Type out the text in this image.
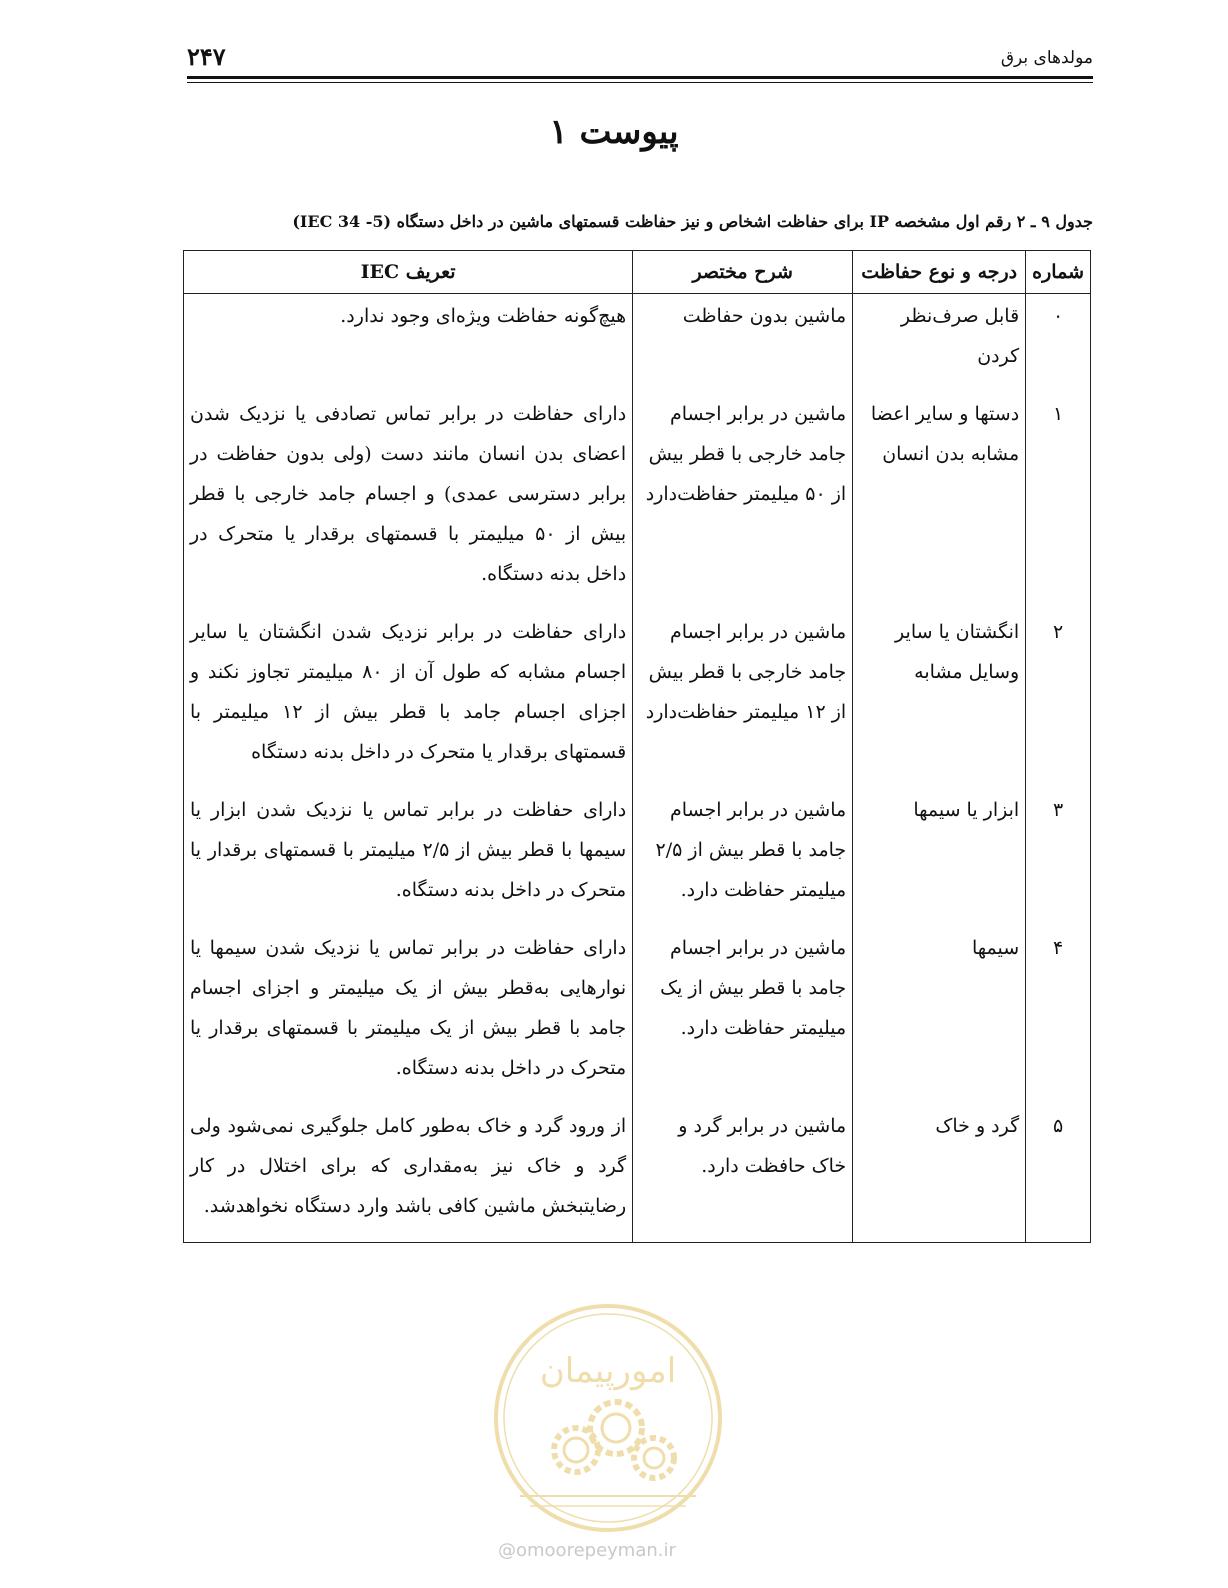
مولدهای برق
۲۴۷
پیوست ۱
جدول ۹ ـ ۲ رقم اول مشخصه IP برای حفاظت اشخاص و نیز حفاظت قسمتهای ماشین در داخل دستگاه (IEC 34 -5)
شماره	درجه و نوع حفاظت	شرح مختصر	تعریف IEC
۰	قابل صرف‌نظر کردن	ماشین بدون حفاظت	هیچ‌گونه حفاظت ویژه‌ای وجود ندارد.
۱	دستها و سایر اعضا مشابه بدن انسان	ماشین در برابر اجسام جامد خارجی با قطر بیش از ۵۰ میلیمتر حفاظت‌دارد	دارای حفاظت در برابر تماس تصادفی یا نزدیک شدن اعضای بدن انسان مانند دست (ولی بدون حفاظت در برابر دسترسی عمدی) و اجسام جامد خارجی با قطر بیش از ۵۰ میلیمتر با قسمتهای برقدار یا متحرک در داخل بدنه دستگاه.
۲	انگشتان یا سایر وسایل مشابه	ماشین در برابر اجسام جامد خارجی با قطر بیش از ۱۲ میلیمتر حفاظت‌دارد	دارای حفاظت در برابر نزدیک شدن انگشتان یا سایر اجسام مشابه که طول آن از ۸۰ میلیمتر تجاوز نکند و اجزای اجسام جامد با قطر بیش از ۱۲ میلیمتر با قسمتهای برقدار یا متحرک در داخل بدنه دستگاه
۳	ابزار یا سیمها	ماشین در برابر اجسام جامد با قطر بیش از ۲/۵ میلیمتر حفاظت دارد.	دارای حفاظت در برابر تماس یا نزدیک شدن ابزار یا سیمها با قطر بیش از ۲/۵ میلیمتر با قسمتهای برقدار یا متحرک در داخل بدنه دستگاه.
۴	سیمها	ماشین در برابر اجسام جامد با قطر بیش از یک میلیمتر حفاظت دارد.	دارای حفاظت در برابر تماس یا نزدیک شدن سیمها یا نوارهایی به‌قطر بیش از یک میلیمتر و اجزای اجسام جامد با قطر بیش از یک میلیمتر با قسمتهای برقدار یا متحرک در داخل بدنه دستگاه.
۵	گرد و خاک	ماشین در برابر گرد و خاک حافظت دارد.	از ورود گرد و خاک به‌طور کامل جلوگیری نمی‌شود ولی گرد و خاک نیز به‌مقداری که برای اختلال در کار رضایتبخش ماشین کافی باشد وارد دستگاه نخواهدشد.
امورپیمان
@omoorepeyman.ir
